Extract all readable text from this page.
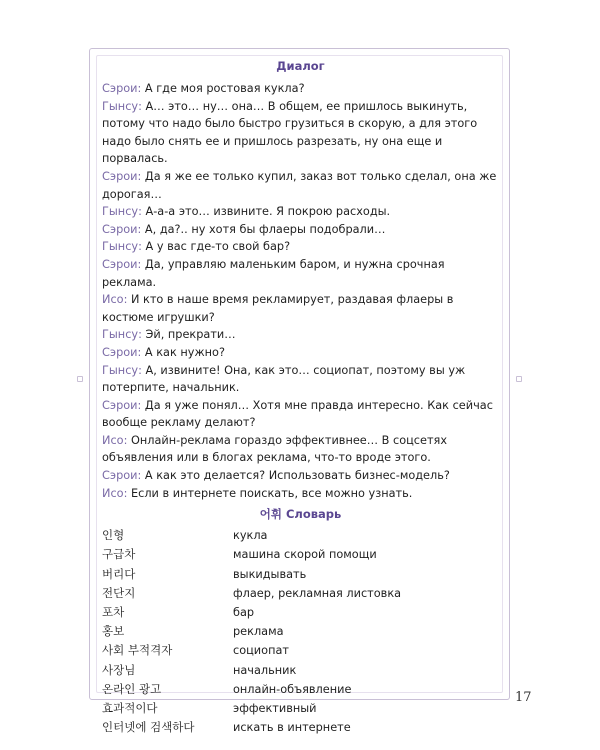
Диалог

Сэрои: А где моя ростовая кукла?

Гынсу: А… это… ну… она… В общем, ее пришлось выкинуть, потому что надо было быстро грузиться в скорую, а для этого надо было снять ее и пришлось разрезать, ну она еще и порвалась.

Сэрои: Да я же ее только купил, заказ вот только сделал, она же дорогая…

Гынсу: А-а-а это… извините. Я покрою расходы.

Сэрои: А, да?.. ну хотя бы флаеры подобрали…

Гынсу: А у вас где-то свой бар?

Сэрои: Да, управляю маленьким баром, и нужна срочная реклама.

Исо: И кто в наше время рекламирует, раздавая флаеры в костюме игрушки?

Гынсу: Эй, прекрати…

Сэрои: А как нужно?

Гынсу: А, извините! Она, как это… социопат, поэтому вы уж потерпите, начальник.

Сэрои: Да я уже понял… Хотя мне правда интересно. Как сейчас вообще рекламу делают?

Исо: Онлайн-реклама гораздо эффективнее… В соцсетях объявления или в блогах реклама, что-то вроде этого.

Сэрои: А как это делается? Использовать бизнес-модель?

Исо: Если в интернете поискать, все можно узнать.

어휘 Словарь
인형	кукла
구급차	машина скорой помощи
버리다	выкидывать
전단지	флаер, рекламная листовка
포차	бар
홍보	реклама
사회 부적격자	социопат
사장님	начальник
온라인 광고	онлайн-объявление
효과적이다	эффективный
인터넷에 검색하다	искать в интернете
17
